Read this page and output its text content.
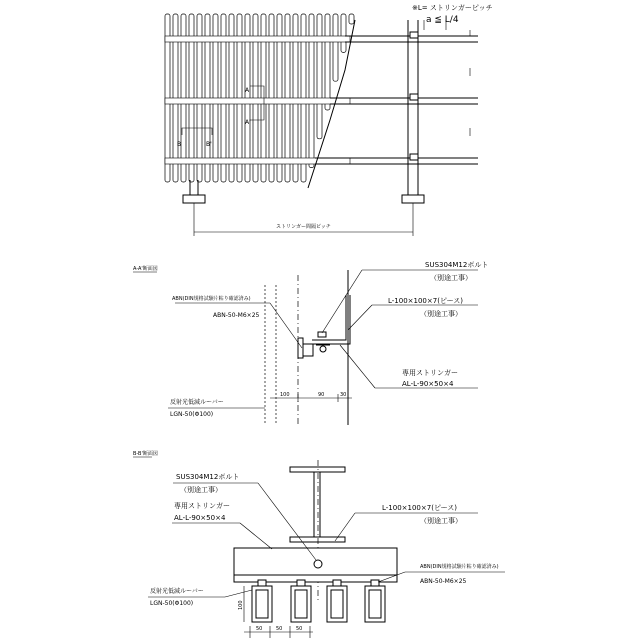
※L= ストリンガーピッチ
a ≦ L/4
A
A'
B	B'
ストリンガー間隔ピッチ
A-A'断面図	SUS304M12ボルト
（別途工事）
ABN(DIN規格試験片粘り確認済み)
ABN-50-M6×25
L-100×100×7(ピース)
（別途工事）
専用ストリンガー
AL-L-90×50×4
反射光低減ルーバー
LGN-50(Φ100)
100	90	30
B-B'断面図
SUS304M12ボルト
（別途工事）
専用ストリンガー
AL-L-90×50×4
L-100×100×7(ピース)
（別途工事）
ABN(DIN規格試験片粘り確認済み)
ABN-50-M6×25
反射光低減ルーバー
LGN-50(Φ100)	100
50	50	50
